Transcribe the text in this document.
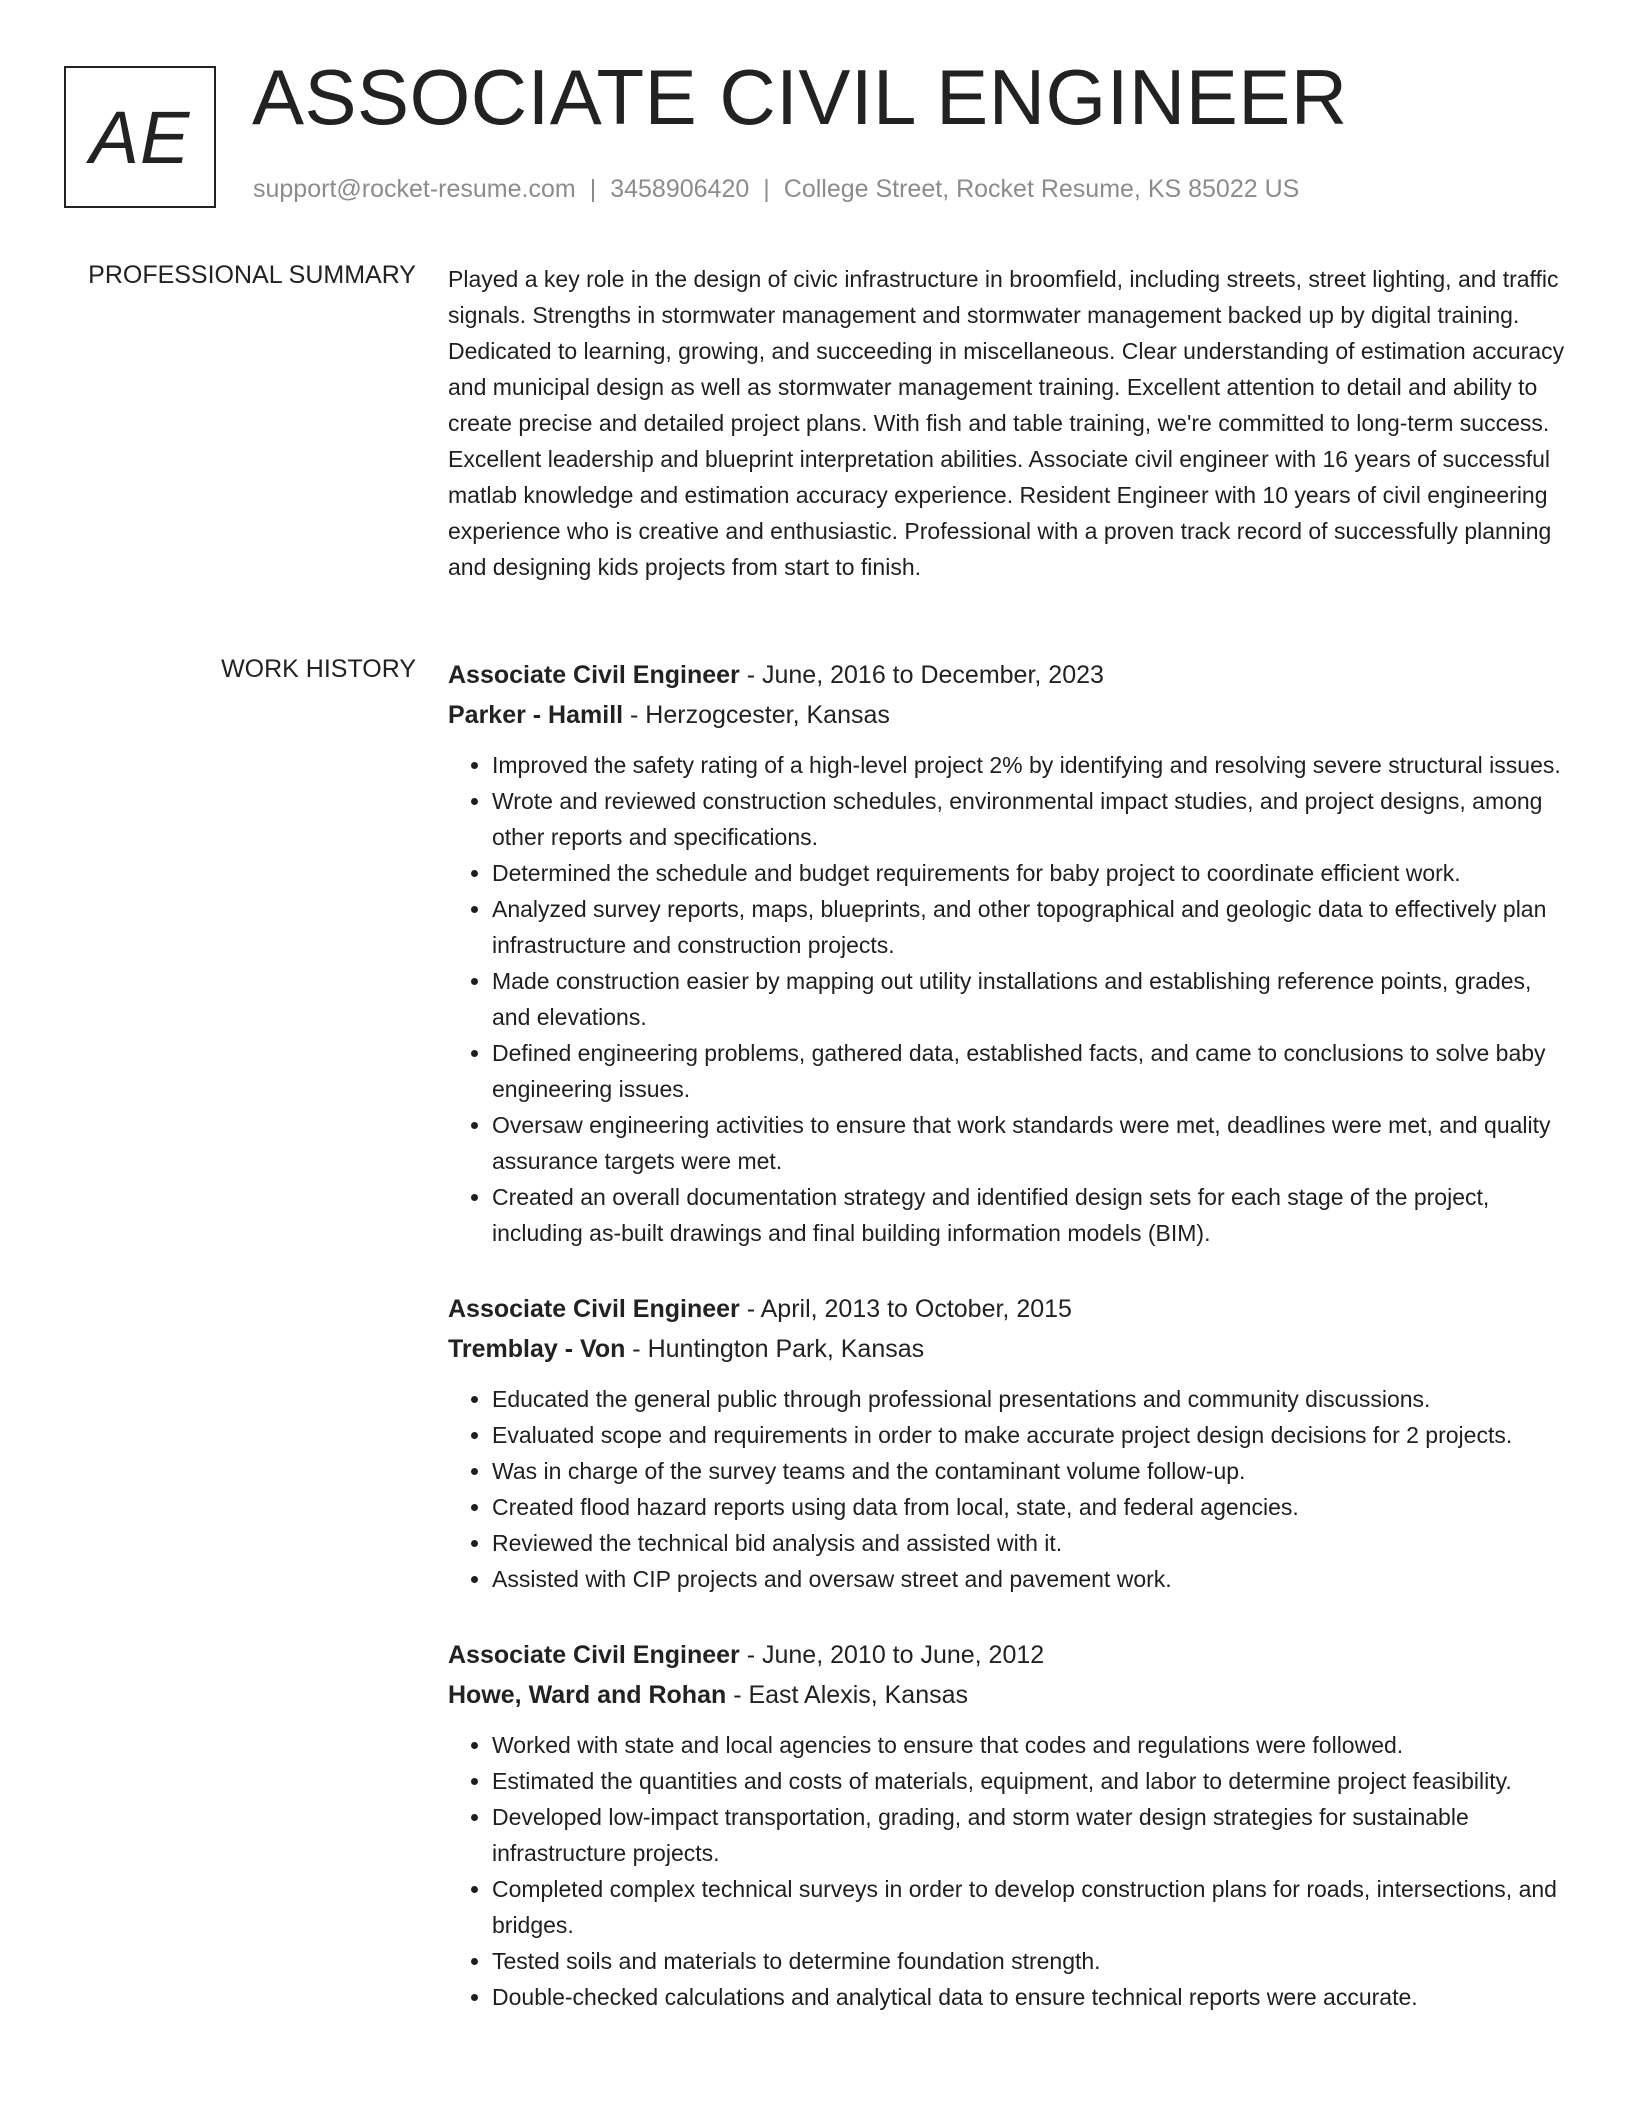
AE ASSOCIATE CIVIL ENGINEER
support@rocket-resume.com | 3458906420 | College Street, Rocket Resume, KS 85022 US
PROFESSIONAL SUMMARY Played a key role in the design of civic infrastructure in broomfield, including streets, street lighting, and traffic signals. Strengths in stormwater management and stormwater management backed up by digital training. Dedicated to learning, growing, and succeeding in miscellaneous. Clear understanding of estimation accuracy and municipal design as well as stormwater management training. Excellent attention to detail and ability to create precise and detailed project plans. With fish and table training, we're committed to long-term success. Excellent leadership and blueprint interpretation abilities. Associate civil engineer with 16 years of successful matlab knowledge and estimation accuracy experience. Resident Engineer with 10 years of civil engineering experience who is creative and enthusiastic. Professional with a proven track record of successfully planning and designing kids projects from start to finish.

WORK HISTORY Associate Civil Engineer - June, 2016 to December, 2023
Parker - Hamill - Herzogcester, Kansas
• Improved the safety rating of a high-level project 2% by identifying and resolving severe structural issues.
• Wrote and reviewed construction schedules, environmental impact studies, and project designs, among other reports and specifications.
• Determined the schedule and budget requirements for baby project to coordinate efficient work.
• Analyzed survey reports, maps, blueprints, and other topographical and geologic data to effectively plan infrastructure and construction projects.
• Made construction easier by mapping out utility installations and establishing reference points, grades, and elevations.
• Defined engineering problems, gathered data, established facts, and came to conclusions to solve baby engineering issues.
• Oversaw engineering activities to ensure that work standards were met, deadlines were met, and quality assurance targets were met.
• Created an overall documentation strategy and identified design sets for each stage of the project, including as-built drawings and final building information models (BIM).
Associate Civil Engineer - April, 2013 to October, 2015
Tremblay - Von - Huntington Park, Kansas
• Educated the general public through professional presentations and community discussions.
• Evaluated scope and requirements in order to make accurate project design decisions for 2 projects.
• Was in charge of the survey teams and the contaminant volume follow-up.
• Created flood hazard reports using data from local, state, and federal agencies.
• Reviewed the technical bid analysis and assisted with it.
• Assisted with CIP projects and oversaw street and pavement work.
Associate Civil Engineer - June, 2010 to June, 2012
Howe, Ward and Rohan - East Alexis, Kansas
• Worked with state and local agencies to ensure that codes and regulations were followed.
• Estimated the quantities and costs of materials, equipment, and labor to determine project feasibility.
• Developed low-impact transportation, grading, and storm water design strategies for sustainable infrastructure projects.
• Completed complex technical surveys in order to develop construction plans for roads, intersections, and bridges.
• Tested soils and materials to determine foundation strength.
• Double-checked calculations and analytical data to ensure technical reports were accurate.
